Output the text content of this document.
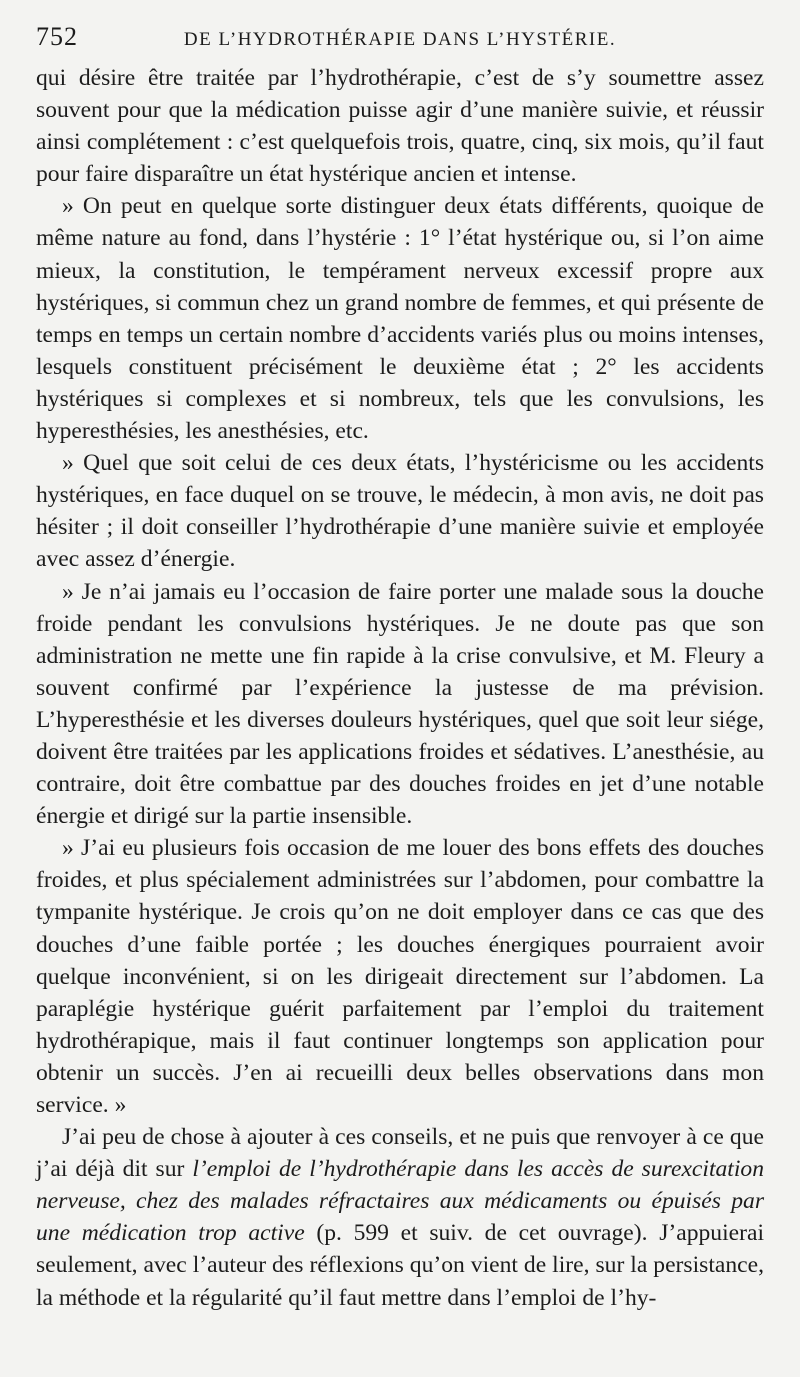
752	DE L’HYDROTHÉRAPIE DANS L’HYSTÉRIE.

qui désire être traitée par l’hydrothérapie, c’est de s’y soumettre assez souvent pour que la médication puisse agir d’une manière suivie, et réussir ainsi complétement : c’est quelquefois trois, quatre, cinq, six mois, qu’il faut pour faire disparaître un état hystérique ancien et intense.

» On peut en quelque sorte distinguer deux états différents, quoique de même nature au fond, dans l’hystérie : 1° l’état hystérique ou, si l’on aime mieux, la constitution, le tempérament nerveux excessif propre aux hystériques, si commun chez un grand nombre de femmes, et qui présente de temps en temps un certain nombre d’accidents variés plus ou moins intenses, lesquels constituent précisément le deuxième état ; 2° les accidents hystériques si complexes et si nombreux, tels que les convulsions, les hyperesthésies, les anesthésies, etc.

» Quel que soit celui de ces deux états, l’hystéricisme ou les accidents hystériques, en face duquel on se trouve, le médecin, à mon avis, ne doit pas hésiter ; il doit conseiller l’hydrothérapie d’une manière suivie et employée avec assez d’énergie.

» Je n’ai jamais eu l’occasion de faire porter une malade sous la douche froide pendant les convulsions hystériques. Je ne doute pas que son administration ne mette une fin rapide à la crise convulsive, et M. Fleury a souvent confirmé par l’expérience la justesse de ma prévision. L’hyperesthésie et les diverses douleurs hystériques, quel que soit leur siége, doivent être traitées par les applications froides et sédatives. L’anesthésie, au contraire, doit être combattue par des douches froides en jet d’une notable énergie et dirigé sur la partie insensible.

» J’ai eu plusieurs fois occasion de me louer des bons effets des douches froides, et plus spécialement administrées sur l’abdomen, pour combattre la tympanite hystérique. Je crois qu’on ne doit employer dans ce cas que des douches d’une faible portée ; les douches énergiques pourraient avoir quelque inconvénient, si on les dirigeait directement sur l’abdomen. La paraplégie hystérique guérit parfaitement par l’emploi du traitement hydrothérapique, mais il faut continuer longtemps son application pour obtenir un succès. J’en ai recueilli deux belles observations dans mon service. »

J’ai peu de chose à ajouter à ces conseils, et ne puis que renvoyer à ce que j’ai déjà dit sur l’emploi de l’hydrothérapie dans les accès de surexcitation nerveuse, chez des malades réfractaires aux médicaments ou épuisés par une médication trop active (p. 599 et suiv. de cet ouvrage). J’appuierai seulement, avec l’auteur des réflexions qu’on vient de lire, sur la persistance, la méthode et la régularité qu’il faut mettre dans l’emploi de l’hy-
